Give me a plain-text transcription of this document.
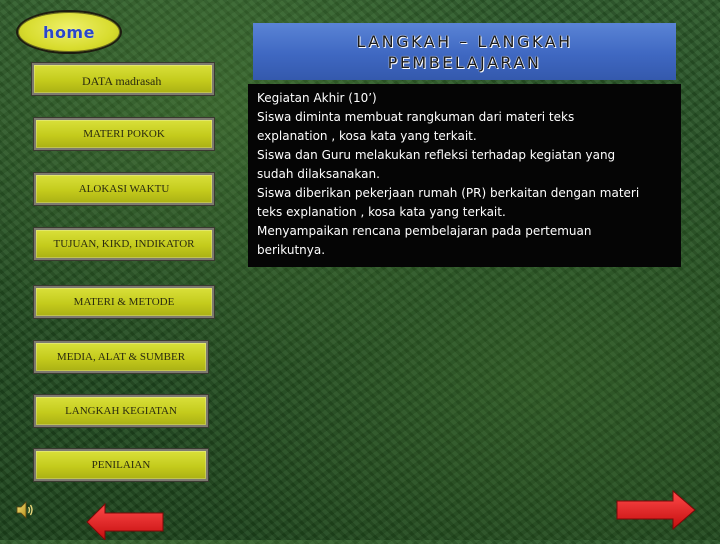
home
DATA madrasah
MATERI POKOK
ALOKASI WAKTU
TUJUAN, KIKD, INDIKATOR
MATERI & METODE
MEDIA, ALAT & SUMBER
LANGKAH KEGIATAN
PENILAIAN
LANGKAH – LANGKAH
PEMBELAJARAN

Kegiatan Akhir (10’)

Siswa diminta membuat rangkuman dari materi teks

explanation , kosa kata yang terkait.

Siswa dan Guru melakukan refleksi terhadap kegiatan yang

sudah dilaksanakan.

Siswa diberikan pekerjaan rumah (PR) berkaitan dengan materi

teks explanation , kosa kata yang terkait.

Menyampaikan rencana pembelajaran pada pertemuan

berikutnya.
